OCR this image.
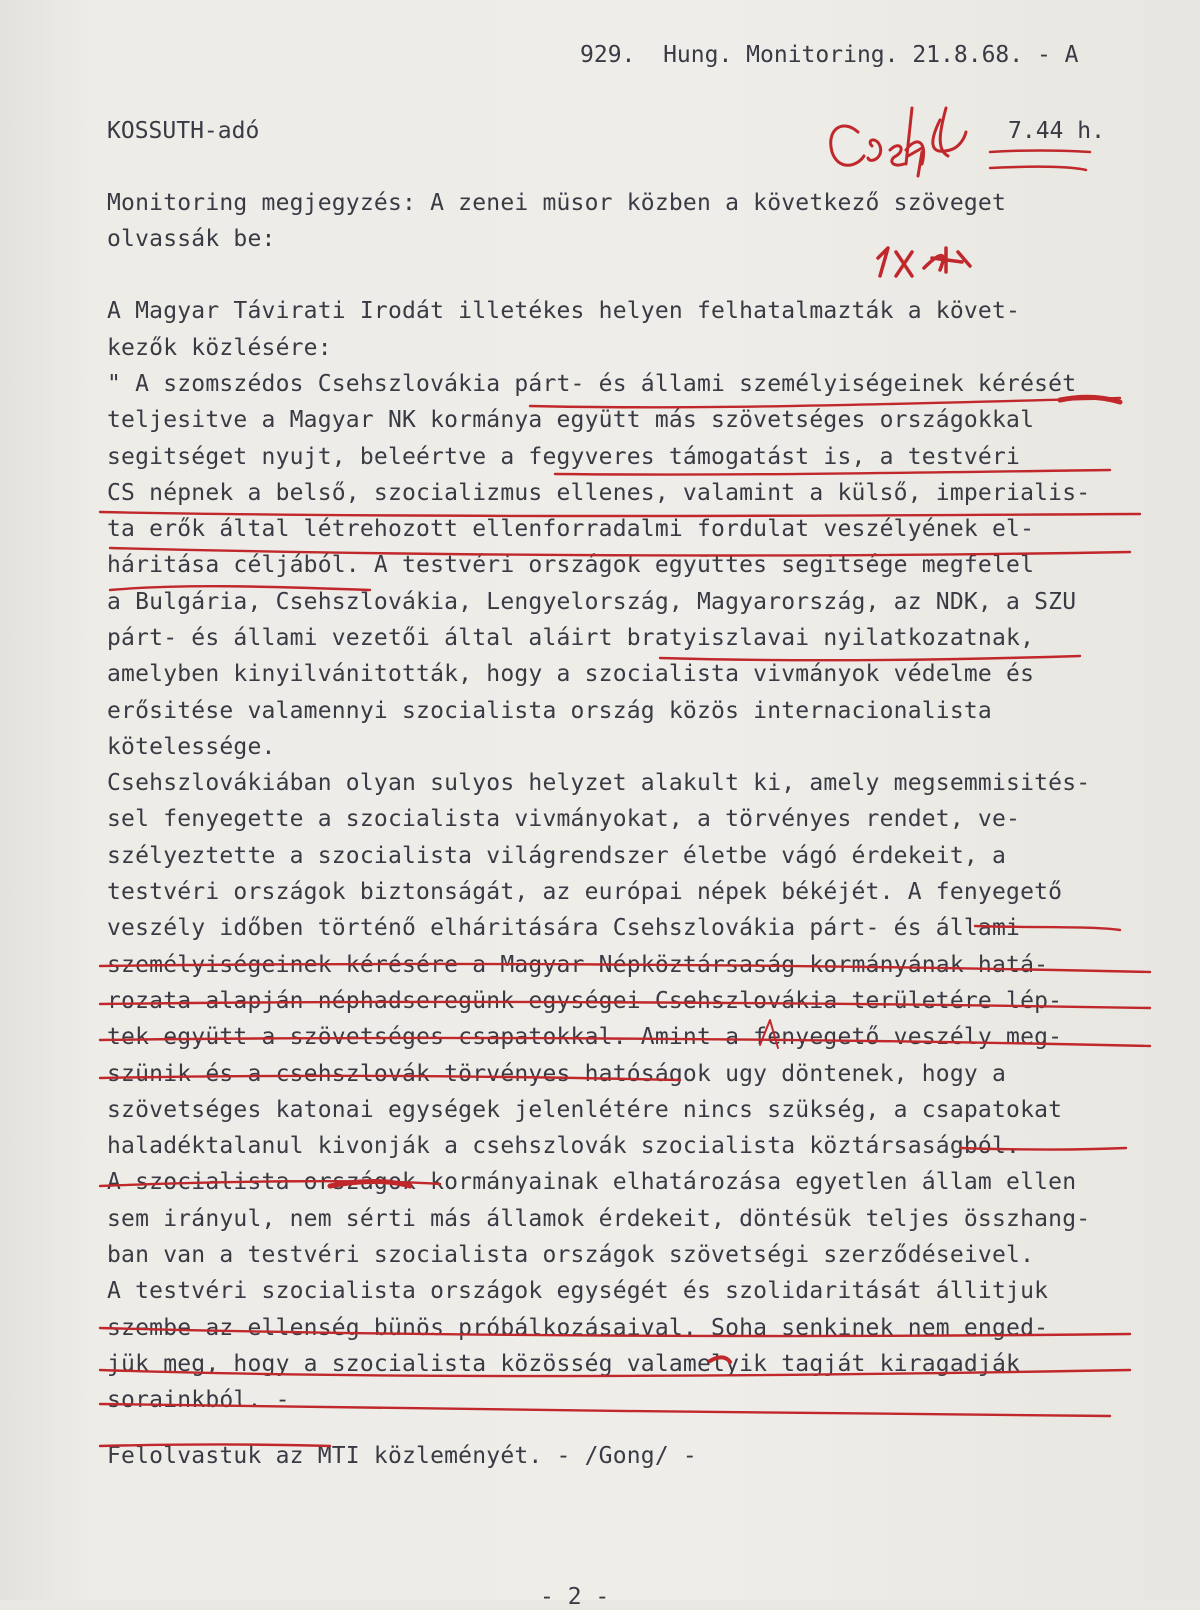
929.  Hung. Monitoring. 21.8.68. - A
KOSSUTH-adó	7.44 h.
Monitoring megjegyzés: A zenei müsor közben a következő szöveget
olvassák be:
A Magyar Távirati Irodát illetékes helyen felhatalmazták a követ-
kezők közlésére:
" A szomszédos Csehszlovákia párt- és állami személyiségeinek kérését
teljesitve a Magyar NK kormánya együtt más szövetséges országokkal
segitséget nyujt, beleértve a fegyveres támogatást is, a testvéri
CS népnek a belső, szocializmus ellenes, valamint a külső, imperialis-
ta erők által létrehozott ellenforradalmi fordulat veszélyének el-
háritása céljából. A testvéri országok együttes segitsége megfelel
a Bulgária, Csehszlovákia, Lengyelország, Magyarország, az NDK, a SZU
párt- és állami vezetői által aláirt bratyiszlavai nyilatkozatnak,
amelyben kinyilvánitották, hogy a szocialista vivmányok védelme és
erősitése valamennyi szocialista ország közös internacionalista
kötelessége.
Csehszlovákiában olyan sulyos helyzet alakult ki, amely megsemmisités-
sel fenyegette a szocialista vivmányokat, a törvényes rendet, ve-
szélyeztette a szocialista világrendszer életbe vágó érdekeit, a
testvéri országok biztonságát, az európai népek békéjét. A fenyegető
veszély időben történő elháritására Csehszlovákia párt- és állami
személyiségeinek kérésére a Magyar Népköztársaság kormányának hatá-
rozata alapján néphadseregünk egységei Csehszlovákia területére lép-
tek együtt a szövetséges csapatokkal. Amint a fenyegető veszély meg-
szünik és a csehszlovák törvényes hatóságok ugy döntenek, hogy a
szövetséges katonai egységek jelenlétére nincs szükség, a csapatokat
haladéktalanul kivonják a csehszlovák szocialista köztársaságból.
A szocialista országok kormányainak elhatározása egyetlen állam ellen
sem irányul, nem sérti más államok érdekeit, döntésük teljes összhang-
ban van a testvéri szocialista országok szövetségi szerződéseivel.
A testvéri szocialista országok egységét és szolidaritását állitjuk
szembe az ellenség bünös próbálkozásaival. Soha senkinek nem enged-
jük meg, hogy a szocialista közösség valamelyik tagját kiragadják
sorainkból. -
Felolvastuk az MTI közleményét. - /Gong/ -
- 2 -
